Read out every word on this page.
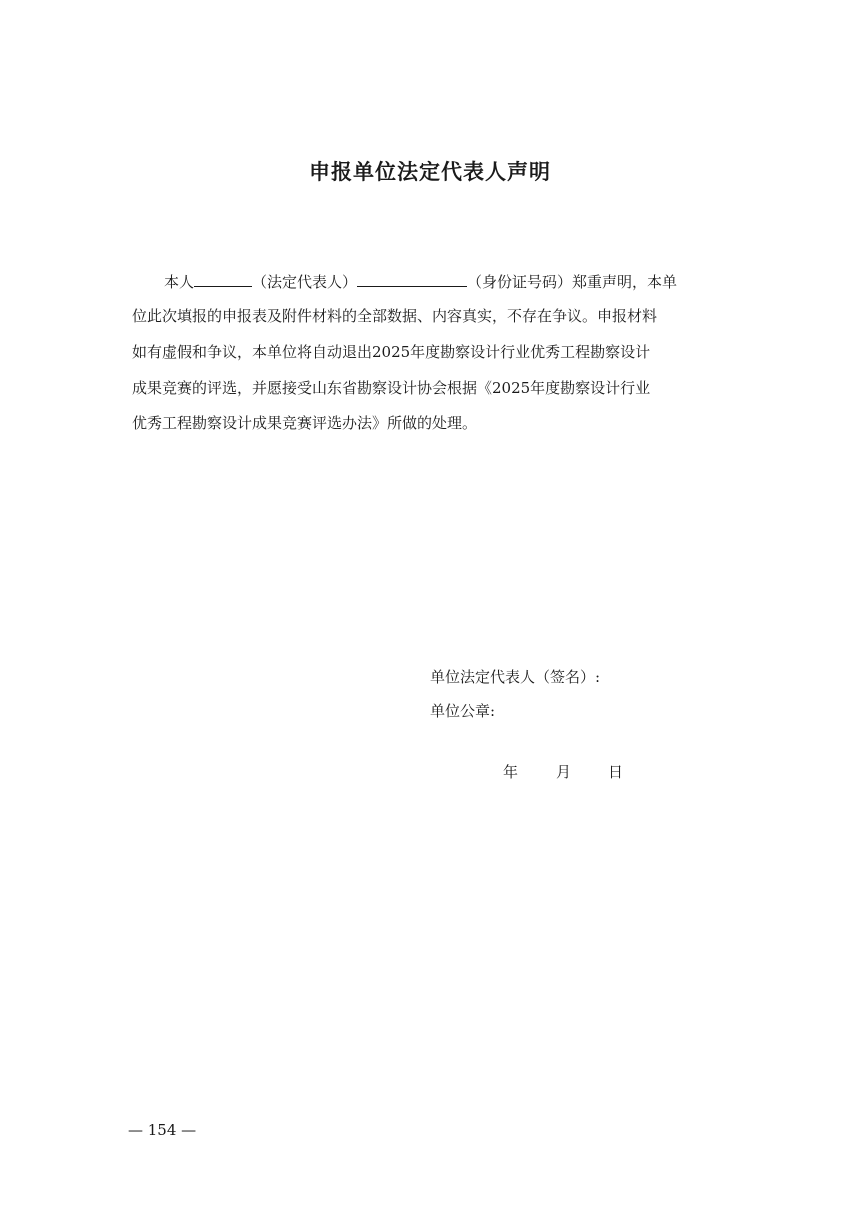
申报单位法定代表人声明
本人	（法定代表人）	（身份证号码）郑重声明，本单
位此次填报的申报表及附件材料的全部数据、内容真实，不存在争议。申报材料
如有虚假和争议，本单位将自动退出2025年度勘察设计行业优秀工程勘察设计
成果竞赛的评选，并愿接受山东省勘察设计协会根据《2025年度勘察设计行业
优秀工程勘察设计成果竞赛评选办法》所做的处理。
单位法定代表人（签名）:
单位公章:
年	月 日
— 154 —
